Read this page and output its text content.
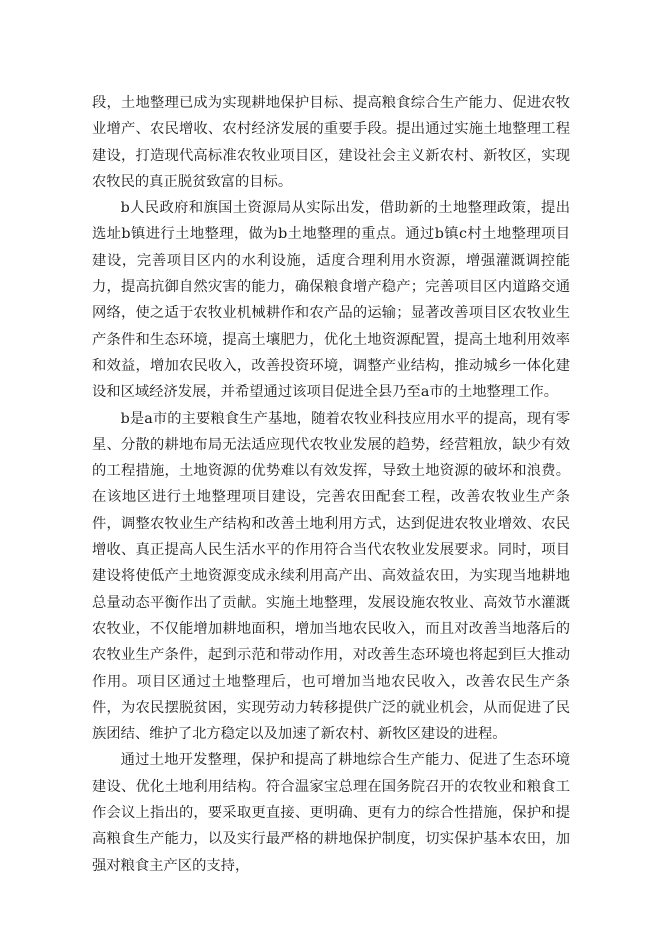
段，土地整理已成为实现耕地保护目标、提高粮食综合生产能力、促进农牧业增产、农民增收、农村经济发展的重要手段。提出通过实施土地整理工程建设，打造现代高标准农牧业项目区，建设社会主义新农村、新牧区，实现农牧民的真正脱贫致富的目标。

b人民政府和旗国土资源局从实际出发，借助新的土地整理政策，提出选址b镇进行土地整理，做为b土地整理的重点。通过b镇c村土地整理项目建设，完善项目区内的水利设施，适度合理利用水资源，增强灌溉调控能力，提高抗御自然灾害的能力，确保粮食增产稳产；完善项目区内道路交通网络，使之适于农牧业机械耕作和农产品的运输；显著改善项目区农牧业生产条件和生态环境，提高土壤肥力，优化土地资源配置，提高土地利用效率和效益，增加农民收入，改善投资环境，调整产业结构，推动城乡一体化建设和区域经济发展，并希望通过该项目促进全县乃至a市的土地整理工作。

b是a市的主要粮食生产基地，随着农牧业科技应用水平的提高，现有零星、分散的耕地布局无法适应现代农牧业发展的趋势，经营粗放，缺少有效的工程措施，土地资源的优势难以有效发挥，导致土地资源的破坏和浪费。在该地区进行土地整理项目建设，完善农田配套工程，改善农牧业生产条件，调整农牧业生产结构和改善土地利用方式，达到促进农牧业增效、农民增收、真正提高人民生活水平的作用符合当代农牧业发展要求。同时，项目建设将使低产土地资源变成永续利用高产出、高效益农田，为实现当地耕地总量动态平衡作出了贡献。实施土地整理，发展设施农牧业、高效节水灌溉农牧业，不仅能增加耕地面积，增加当地农民收入，而且对改善当地落后的农牧业生产条件，起到示范和带动作用，对改善生态环境也将起到巨大推动作用。项目区通过土地整理后，也可增加当地农民收入，改善农民生产条件，为农民摆脱贫困，实现劳动力转移提供广泛的就业机会，从而促进了民族团结、维护了北方稳定以及加速了新农村、新牧区建设的进程。

通过土地开发整理，保护和提高了耕地综合生产能力、促进了生态环境建设、优化土地利用结构。符合温家宝总理在国务院召开的农牧业和粮食工作会议上指出的，要采取更直接、更明确、更有力的综合性措施，保护和提高粮食生产能力，以及实行最严格的耕地保护制度，切实保护基本农田，加强对粮食主产区的支持，
